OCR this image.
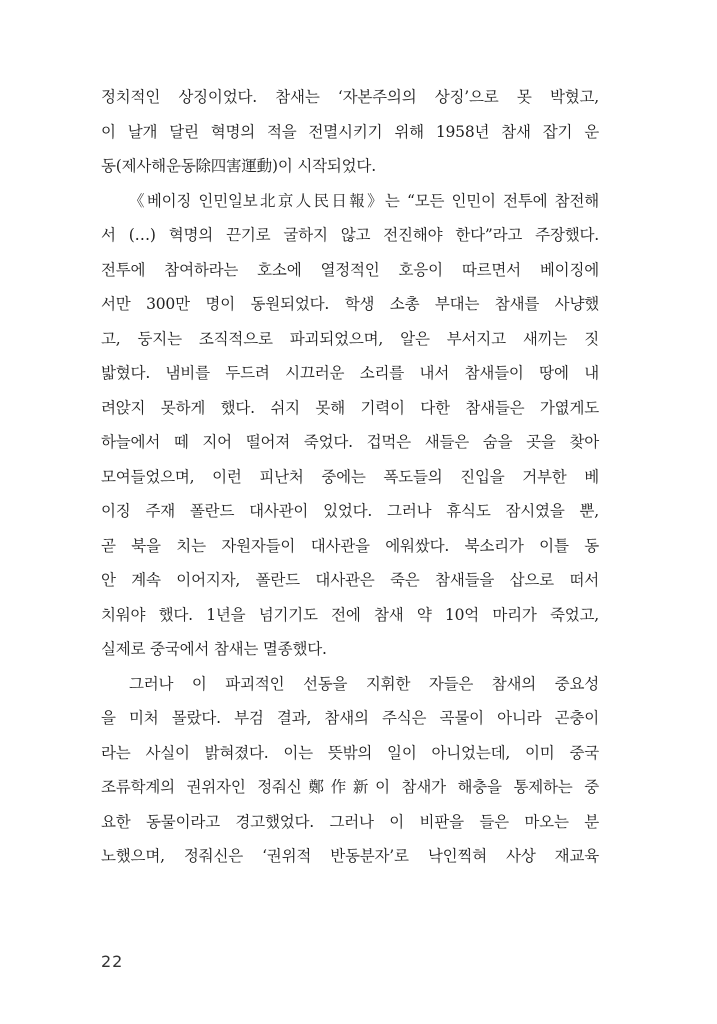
정치적인 상징이었다. 참새는 ‘자본주의의 상징’으로 못 박혔고,
이 날개 달린 혁명의 적을 전멸시키기 위해 1958년 참새 잡기 운
동(제사해운동除四害運動)이 시작되었다.
《베이징 인민일보北京人民日報》는 “모든 인민이 전투에 참전해
서 (…) 혁명의 끈기로 굴하지 않고 전진해야 한다”라고 주장했다.
전투에 참여하라는 호소에 열정적인 호응이 따르면서 베이징에
서만 300만 명이 동원되었다. 학생 소총 부대는 참새를 사냥했
고, 둥지는 조직적으로 파괴되었으며, 알은 부서지고 새끼는 짓
밟혔다. 냄비를 두드려 시끄러운 소리를 내서 참새들이 땅에 내
려앉지 못하게 했다. 쉬지 못해 기력이 다한 참새들은 가엾게도
하늘에서 떼 지어 떨어져 죽었다. 겁먹은 새들은 숨을 곳을 찾아
모여들었으며, 이런 피난처 중에는 폭도들의 진입을 거부한 베
이징 주재 폴란드 대사관이 있었다. 그러나 휴식도 잠시였을 뿐,
곧 북을 치는 자원자들이 대사관을 에워쌌다. 북소리가 이틀 동
안 계속 이어지자, 폴란드 대사관은 죽은 참새들을 삽으로 떠서
치워야 했다. 1년을 넘기기도 전에 참새 약 10억 마리가 죽었고,
실제로 중국에서 참새는 멸종했다.
그러나 이 파괴적인 선동을 지휘한 자들은 참새의 중요성
을 미처 몰랐다. 부검 결과, 참새의 주식은 곡물이 아니라 곤충이
라는 사실이 밝혀졌다. 이는 뜻밖의 일이 아니었는데, 이미 중국
조류학계의 권위자인 정줘신鄭作新이 참새가 해충을 통제하는 중
요한 동물이라고 경고했었다. 그러나 이 비판을 들은 마오는 분
노했으며, 정줘신은 ‘권위적 반동분자’로 낙인찍혀 사상 재교육
22
